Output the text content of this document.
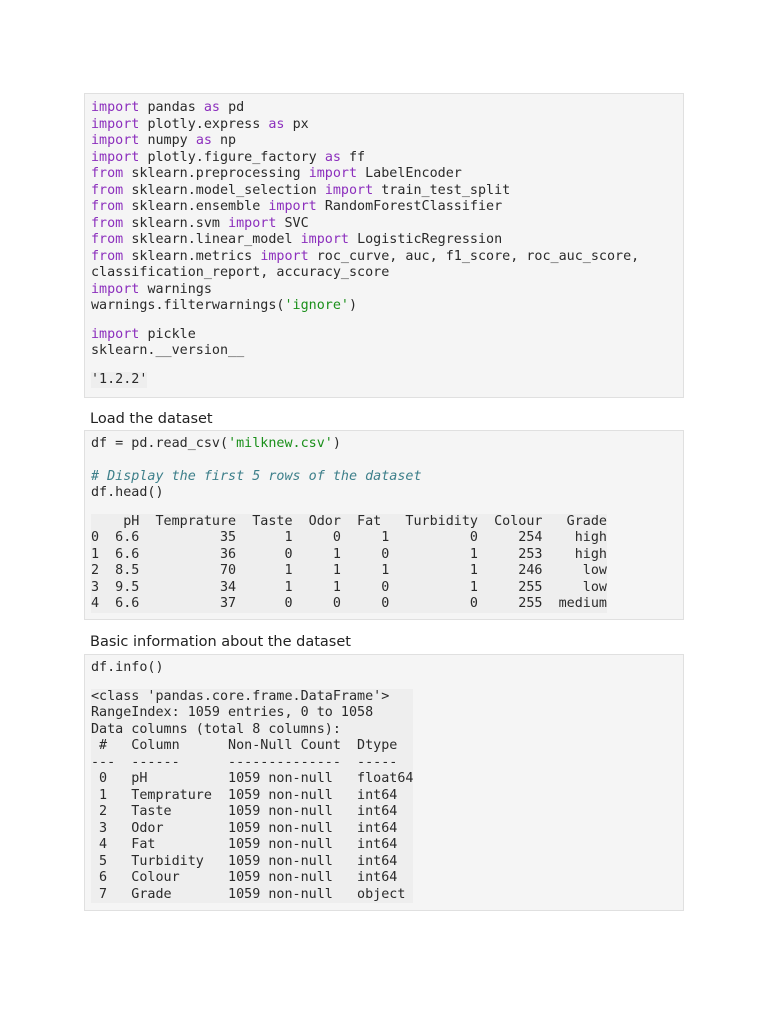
import pandas as pd
import plotly.express as px
import numpy as np
import plotly.figure_factory as ff
from sklearn.preprocessing import LabelEncoder
from sklearn.model_selection import train_test_split
from sklearn.ensemble import RandomForestClassifier
from sklearn.svm import SVC
from sklearn.linear_model import LogisticRegression
from sklearn.metrics import roc_curve, auc, f1_score, roc_auc_score,
classification_report, accuracy_score
import warnings
warnings.filterwarnings('ignore')
import pickle
sklearn.__version__
'1.2.2'

Load the dataset

df = pd.read_csv('milknew.csv')

# Display the first 5 rows of the dataset
df.head()
pH  Temprature  Taste  Odor  Fat   Turbidity  Colour   Grade
0  6.6          35      1     0     1          0     254    high
1  6.6          36      0     1     0          1     253    high
2  8.5          70      1     1     1          1     246     low
3  9.5          34      1     1     0          1     255     low
4  6.6          37      0     0     0          0     255  medium

Basic information about the dataset

df.info()
<class 'pandas.core.frame.DataFrame'>
RangeIndex: 1059 entries, 0 to 1058
Data columns (total 8 columns):
#   Column      Non-Null Count  Dtype
---  ------      --------------  -----
0   pH          1059 non-null   float64
1   Temprature  1059 non-null   int64
2   Taste       1059 non-null   int64
3   Odor        1059 non-null   int64
4   Fat         1059 non-null   int64
5   Turbidity   1059 non-null   int64
6   Colour      1059 non-null   int64
7   Grade       1059 non-null   object
